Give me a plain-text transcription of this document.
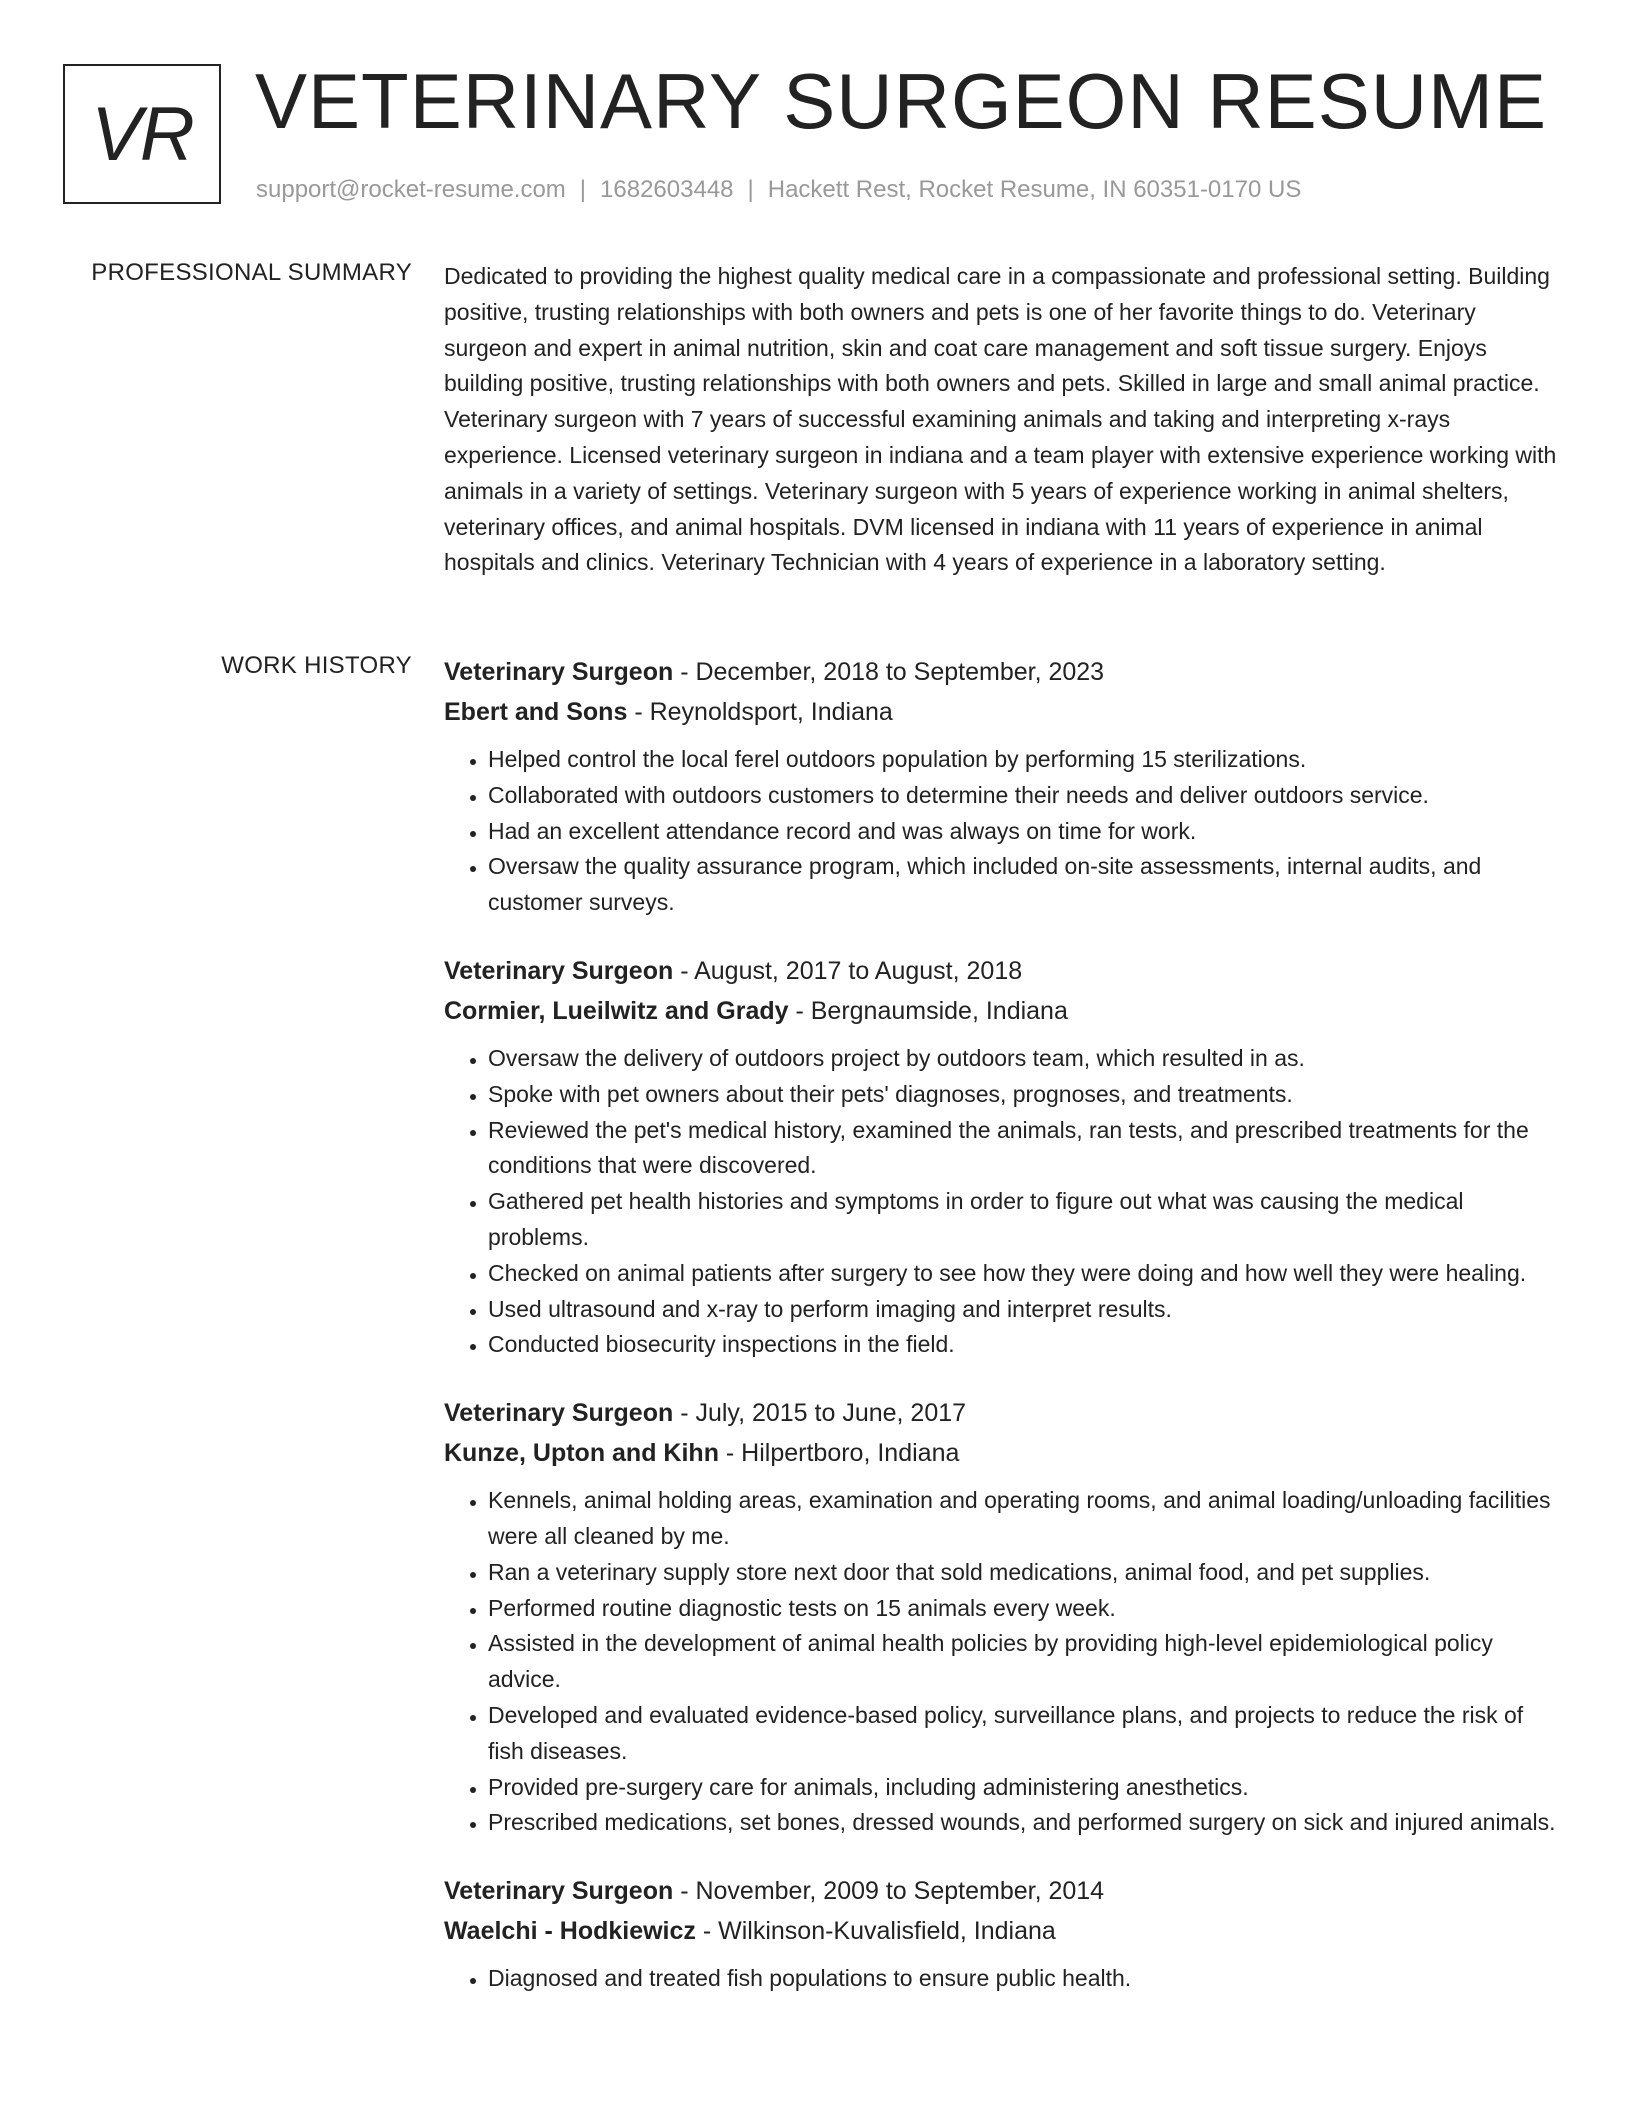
VR VETERINARY SURGEON RESUME
support@rocket-resume.com | 1682603448 | Hackett Rest, Rocket Resume, IN 60351-0170 US
PROFESSIONAL SUMMARY Dedicated to providing the highest quality medical care in a compassionate and professional setting. Building positive, trusting relationships with both owners and pets is one of her favorite things to do. Veterinary surgeon and expert in animal nutrition, skin and coat care management and soft tissue surgery. Enjoys building positive, trusting relationships with both owners and pets. Skilled in large and small animal practice. Veterinary surgeon with 7 years of successful examining animals and taking and interpreting x-rays experience. Licensed veterinary surgeon in indiana and a team player with extensive experience working with animals in a variety of settings. Veterinary surgeon with 5 years of experience working in animal shelters, veterinary offices, and animal hospitals. DVM licensed in indiana with 11 years of experience in animal hospitals and clinics. Veterinary Technician with 4 years of experience in a laboratory setting.

WORK HISTORY Veterinary Surgeon - December, 2018 to September, 2023
Ebert and Sons - Reynoldsport, Indiana
• Helped control the local ferel outdoors population by performing 15 sterilizations.
• Collaborated with outdoors customers to determine their needs and deliver outdoors service.
• Had an excellent attendance record and was always on time for work.
• Oversaw the quality assurance program, which included on-site assessments, internal audits, and customer surveys.
Veterinary Surgeon - August, 2017 to August, 2018
Cormier, Lueilwitz and Grady - Bergnaumside, Indiana
• Oversaw the delivery of outdoors project by outdoors team, which resulted in as.
• Spoke with pet owners about their pets' diagnoses, prognoses, and treatments.
• Reviewed the pet's medical history, examined the animals, ran tests, and prescribed treatments for the conditions that were discovered.
• Gathered pet health histories and symptoms in order to figure out what was causing the medical problems.
• Checked on animal patients after surgery to see how they were doing and how well they were healing.
• Used ultrasound and x-ray to perform imaging and interpret results.
• Conducted biosecurity inspections in the field.
Veterinary Surgeon - July, 2015 to June, 2017
Kunze, Upton and Kihn - Hilpertboro, Indiana
• Kennels, animal holding areas, examination and operating rooms, and animal loading/unloading facilities were all cleaned by me.
• Ran a veterinary supply store next door that sold medications, animal food, and pet supplies.
• Performed routine diagnostic tests on 15 animals every week.
• Assisted in the development of animal health policies by providing high-level epidemiological policy advice.
• Developed and evaluated evidence-based policy, surveillance plans, and projects to reduce the risk of fish diseases.
• Provided pre-surgery care for animals, including administering anesthetics.
• Prescribed medications, set bones, dressed wounds, and performed surgery on sick and injured animals.
Veterinary Surgeon - November, 2009 to September, 2014
Waelchi - Hodkiewicz - Wilkinson-Kuvalisfield, Indiana
• Diagnosed and treated fish populations to ensure public health.
